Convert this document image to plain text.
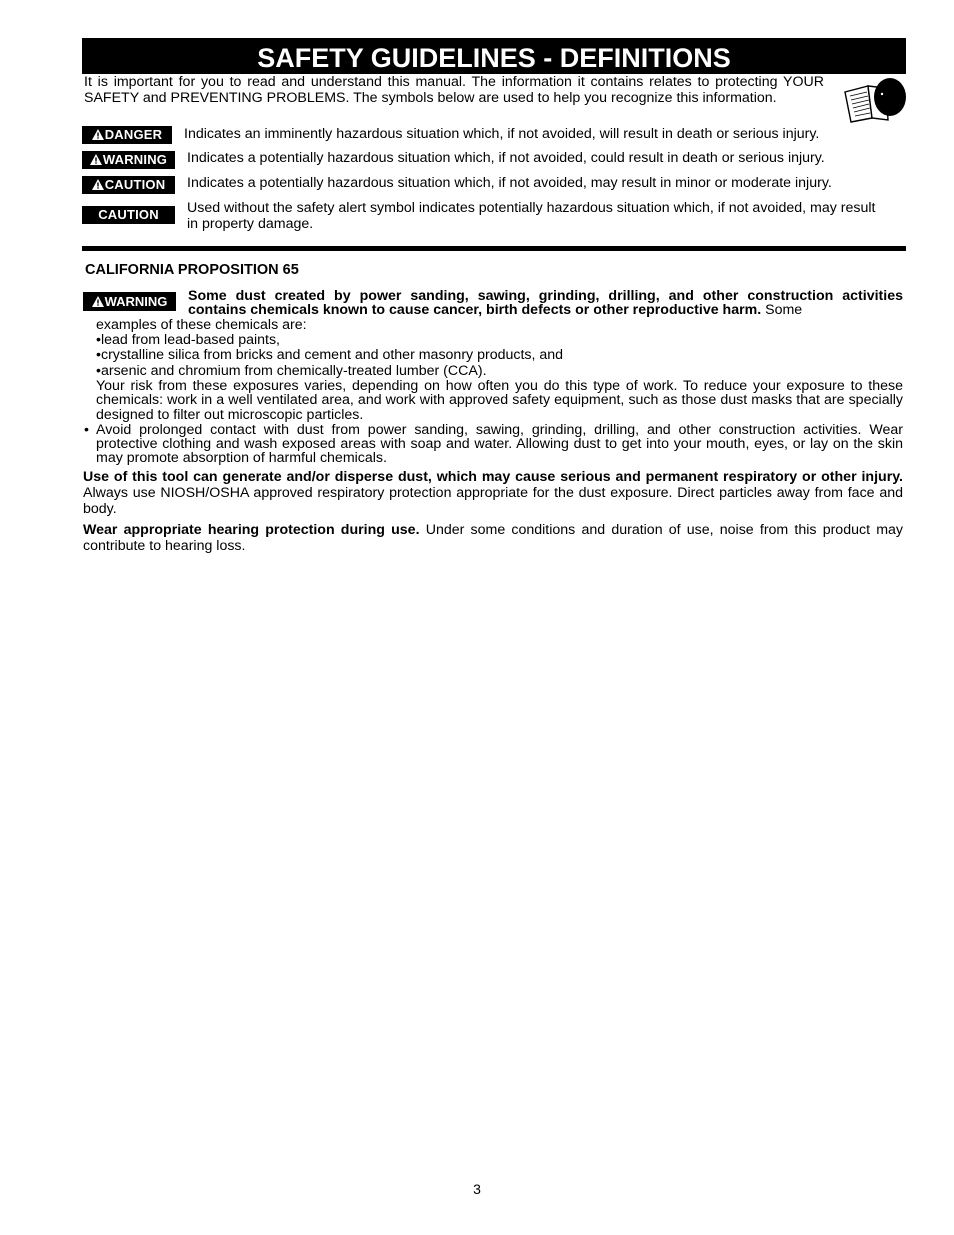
SAFETY GUIDELINES - DEFINITIONS
It is important for you to read and understand this manual. The information it contains relates to protecting YOUR SAFETY and PREVENTING PROBLEMS. The symbols below are used to help you recognize this information.
DANGER	Indicates an imminently hazardous situation which, if not avoided, will result in death or serious injury.
WARNING	Indicates a potentially hazardous situation which, if not avoided, could result in death or serious injury.
CAUTION	Indicates a potentially hazardous situation which, if not avoided, may result in minor or moderate injury.
CAUTION	Used without the safety alert symbol indicates potentially hazardous situation which, if not avoided, may result
in property damage.
CALIFORNIA PROPOSITION 65
WARNING	Some dust created by power sanding, sawing, grinding, drilling, and other construction activities contains chemicals known to cause cancer, birth defects or other reproductive harm. Some

examples of these chemicals are:

•lead from lead-based paints,

•crystalline silica from bricks and cement and other masonry products, and

•arsenic and chromium from chemically-treated lumber (CCA).

Your risk from these exposures varies, depending on how often you do this type of work. To reduce your exposure to these chemicals: work in a well ventilated area, and work with approved safety equipment, such as those dust masks that are specially designed to filter out microscopic particles.

• Avoid prolonged contact with dust from power sanding, sawing, grinding, drilling, and other construction activities. Wear protective clothing and wash exposed areas with soap and water. Allowing dust to get into your mouth, eyes, or lay on the skin may promote absorption of harmful chemicals.
Use of this tool can generate and/or disperse dust, which may cause serious and permanent respiratory or other injury. Always use NIOSH/OSHA approved respiratory protection appropriate for the dust exposure. Direct particles away from face and body.
Wear appropriate hearing protection during use. Under some conditions and duration of use, noise from this product may contribute to hearing loss.
3
